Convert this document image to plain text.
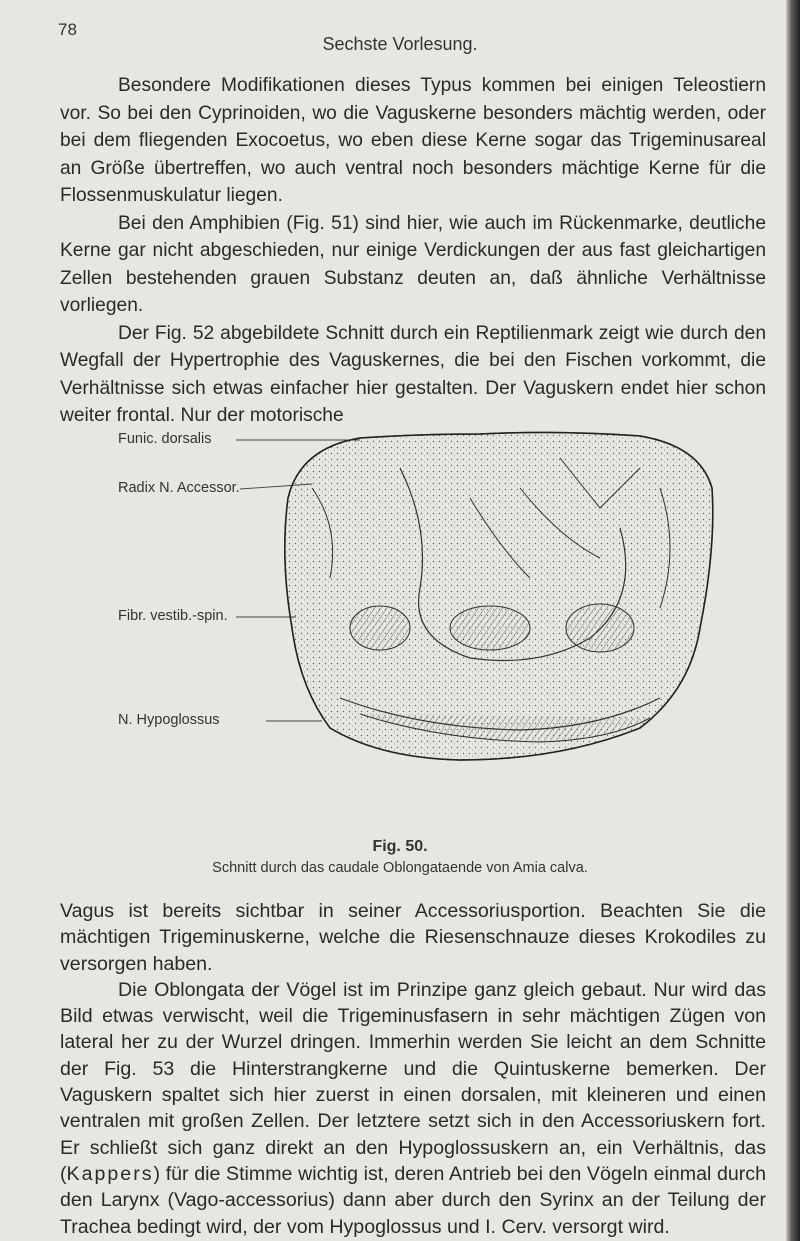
78
Sechste Vorlesung.

Besondere Modifikationen dieses Typus kommen bei einigen Teleostiern vor. So bei den Cyprinoiden, wo die Vaguskerne besonders mächtig werden, oder bei dem fliegenden Exocoetus, wo eben diese Kerne sogar das Trigeminusareal an Größe übertreffen, wo auch ventral noch besonders mächtige Kerne für die Flossenmuskulatur liegen.

Bei den Amphibien (Fig. 51) sind hier, wie auch im Rückenmarke, deutliche Kerne gar nicht abgeschieden, nur einige Verdickungen der aus fast gleichartigen Zellen bestehenden grauen Substanz deuten an, daß ähnliche Verhältnisse vorliegen.

Der Fig. 52 abgebildete Schnitt durch ein Reptilienmark zeigt wie durch den Wegfall der Hypertrophie des Vaguskernes, die bei den Fischen vorkommt, die Verhältnisse sich etwas einfacher hier gestalten. Der Vaguskern endet hier schon weiter frontal. Nur der motorische

Funic. dorsalis
Radix N. Accessor.
Fibr. vestib.-spin.
N. Hypoglossus
Fig. 50.
Schnitt durch das caudale Oblongataende von Amia calva.

Vagus ist bereits sichtbar in seiner Accessoriusportion. Beachten Sie die mächtigen Trigeminuskerne, welche die Riesenschnauze dieses Krokodiles zu versorgen haben.

Die Oblongata der Vögel ist im Prinzipe ganz gleich gebaut. Nur wird das Bild etwas verwischt, weil die Trigeminusfasern in sehr mächtigen Zügen von lateral her zu der Wurzel dringen. Immerhin werden Sie leicht an dem Schnitte der Fig. 53 die Hinterstrangkerne und die Quintuskerne bemerken. Der Vaguskern spaltet sich hier zuerst in einen dorsalen, mit kleineren und einen ventralen mit großen Zellen. Der letztere setzt sich in den Accessoriuskern fort. Er schließt sich ganz direkt an den Hypoglossuskern an, ein Verhältnis, das (Kappers) für die Stimme wichtig ist, deren Antrieb bei den Vögeln einmal durch den Larynx (Vago-accessorius) dann aber durch den Syrinx an der Teilung der Trachea bedingt wird, der vom Hypoglossus und I. Cerv. versorgt wird.
